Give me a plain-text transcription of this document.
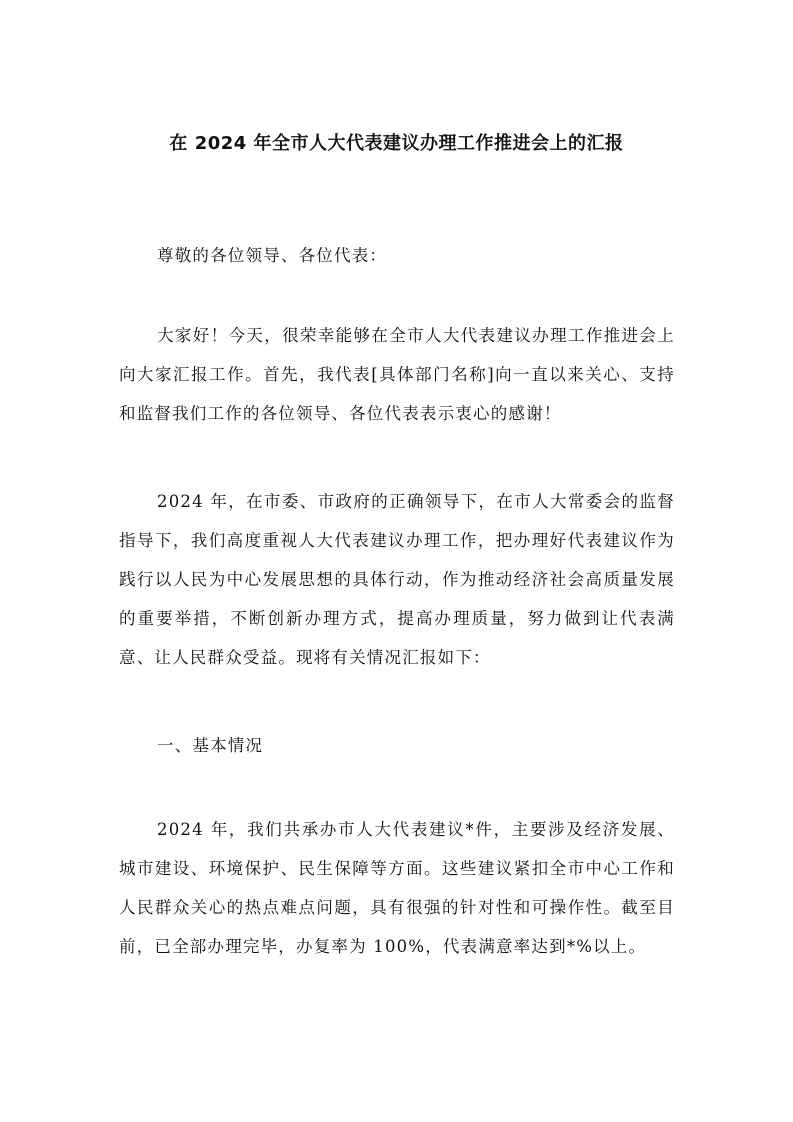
在 2024 年全市人大代表建议办理工作推进会上的汇报

尊敬的各位领导、各位代表：

大家好！今天，很荣幸能够在全市人大代表建议办理工作推进会上向大家汇报工作。首先，我代表[具体部门名称]向一直以来关心、支持和监督我们工作的各位领导、各位代表表示衷心的感谢！

2024 年，在市委、市政府的正确领导下，在市人大常委会的监督指导下，我们高度重视人大代表建议办理工作，把办理好代表建议作为践行以人民为中心发展思想的具体行动，作为推动经济社会高质量发展的重要举措，不断创新办理方式，提高办理质量，努力做到让代表满意、让人民群众受益。现将有关情况汇报如下：

一、基本情况

2024 年，我们共承办市人大代表建议*件，主要涉及经济发展、城市建设、环境保护、民生保障等方面。这些建议紧扣全市中心工作和人民群众关心的热点难点问题，具有很强的针对性和可操作性。截至目前，已全部办理完毕，办复率为 100%，代表满意率达到*%以上。
